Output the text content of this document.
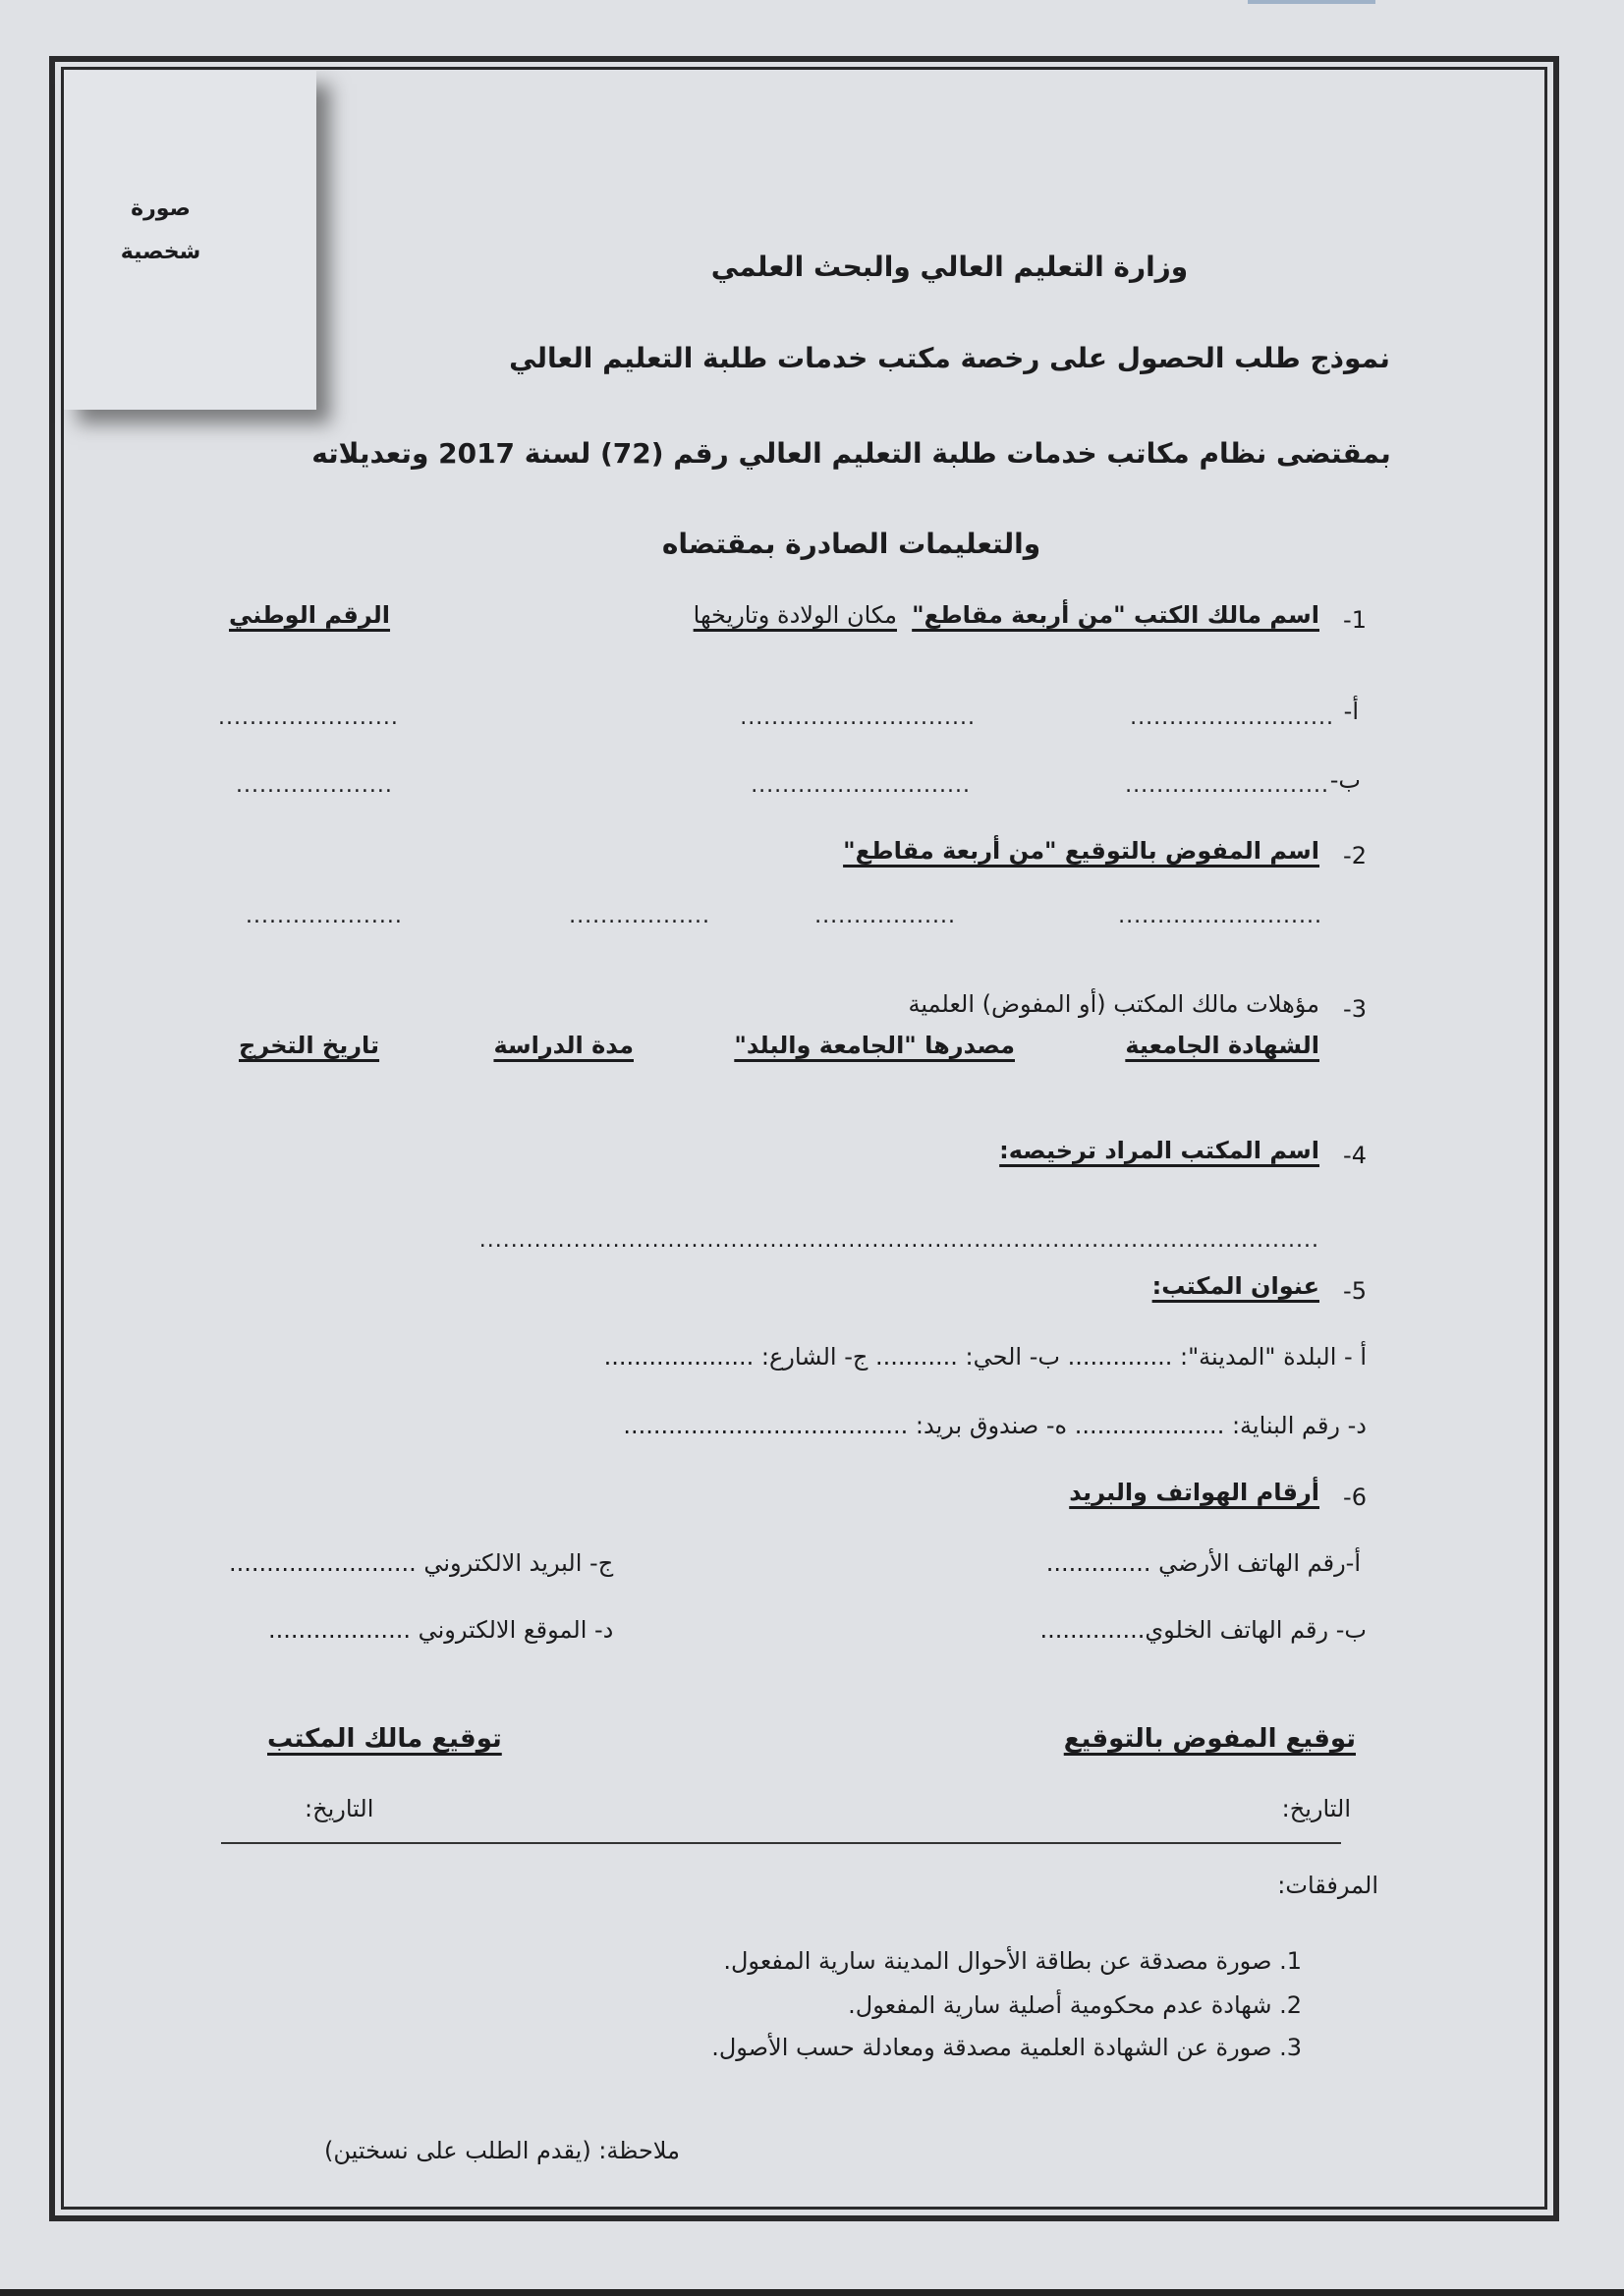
صورة
شخصية	وزارة التعليم العالي والبحث العلمي
نموذج طلب الحصول على رخصة مكتب خدمات طلبة التعليم العالي
بمقتضى نظام مكاتب خدمات طلبة التعليم العالي رقم (72) لسنة 2017 وتعديلاته
والتعليمات الصادرة بمقتضاه
1-
اسم مالك الكتب "من أربعة مقاطع"
مكان الولادة وتاريخها
الرقم الوطني
أ-
..........................
..............................
.......................
ب-
..........................
............................
....................
2-
اسم المفوض بالتوقيع "من أربعة مقاطع"
..........................
..................
..................
....................
3-
مؤهلات مالك المكتب (أو المفوض) العلمية
الشهادة الجامعية
مصدرها "الجامعة والبلد"
مدة الدراسة
تاريخ التخرج
4-
اسم المكتب المراد ترخيصه:
...........................................................................................................
5-
عنوان المكتب:
أ - البلدة "المدينة": .............. ب- الحي: ........... ج- الشارع: ....................
د- رقم البناية: .................... ه- صندوق بريد: ......................................
6-
أرقام الهواتف والبريد
أ-رقم الهاتف الأرضي ..............
ج- البريد الالكتروني .........................
ب- رقم الهاتف الخلوي..............
د- الموقع الالكتروني ...................
توقيع المفوض بالتوقيع
توقيع مالك المكتب
التاريخ:
التاريخ:
المرفقات:
1. صورة مصدقة عن بطاقة الأحوال المدينة سارية المفعول.
2. شهادة عدم محكومية أصلية سارية المفعول.
3. صورة عن الشهادة العلمية مصدقة ومعادلة حسب الأصول.
ملاحظة: (يقدم الطلب على نسختين)
